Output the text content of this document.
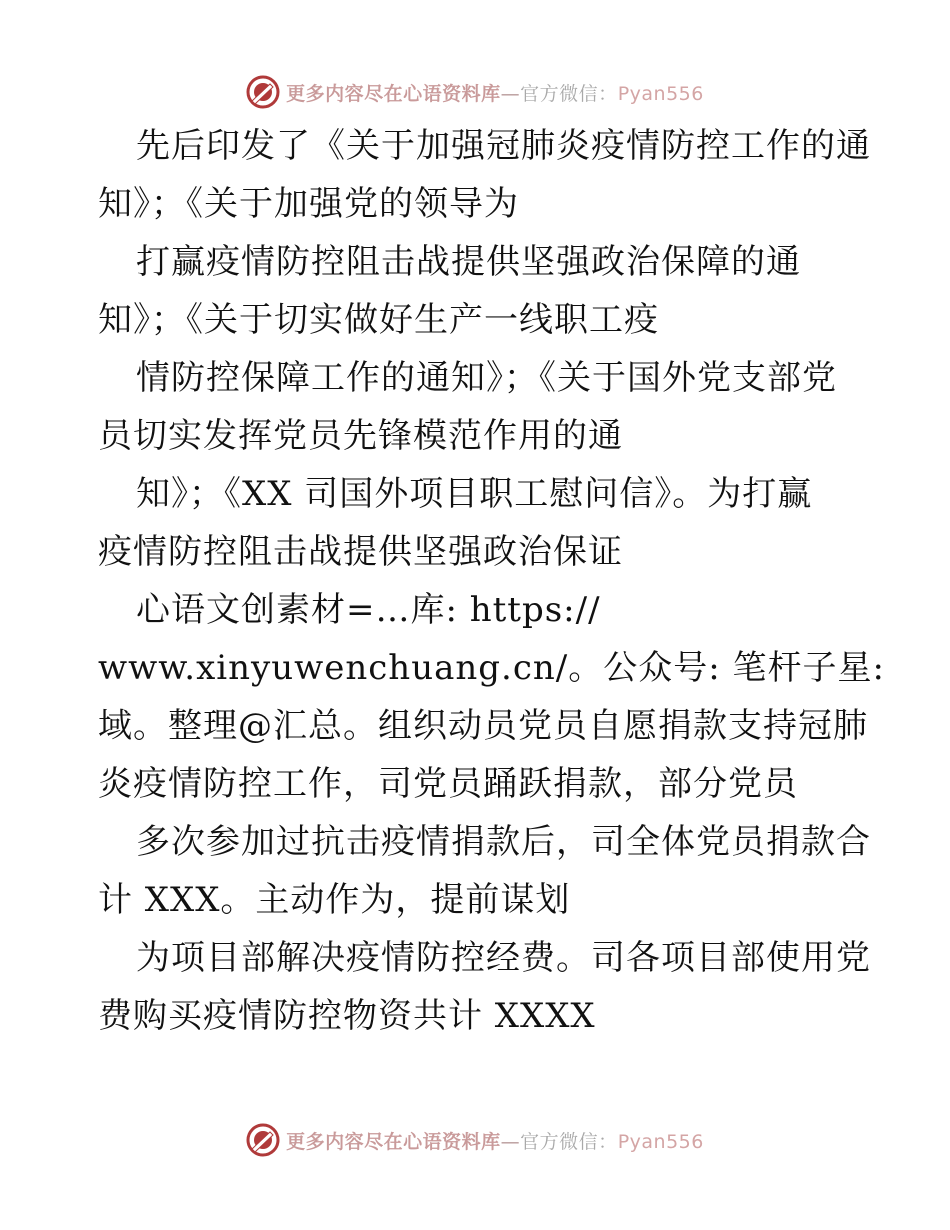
更多内容尽在心语资料库—官方微信：Pyan556
先后印发了《关于加强冠肺炎疫情防控工作的通
知》；《关于加强党的领导为
打赢疫情防控阻击战提供坚强政治保障的通
知》；《关于切实做好生产一线职工疫
情防控保障工作的通知》；《关于国外党支部党
员切实发挥党员先锋模范作用的通
知》；《XX 司国外项目职工慰问信》。为打赢
疫情防控阻击战提供坚强政治保证
心语文创素材=…库: https://
www.xinyuwenchuang.cn/。公众号: 笔杆子星:
域。整理@汇总。组织动员党员自愿捐款支持冠肺
炎疫情防控工作，司党员踊跃捐款，部分党员
多次参加过抗击疫情捐款后，司全体党员捐款合
计 XXX。主动作为，提前谋划
为项目部解决疫情防控经费。司各项目部使用党
费购买疫情防控物资共计 XXXX
更多内容尽在心语资料库—官方微信：Pyan556
